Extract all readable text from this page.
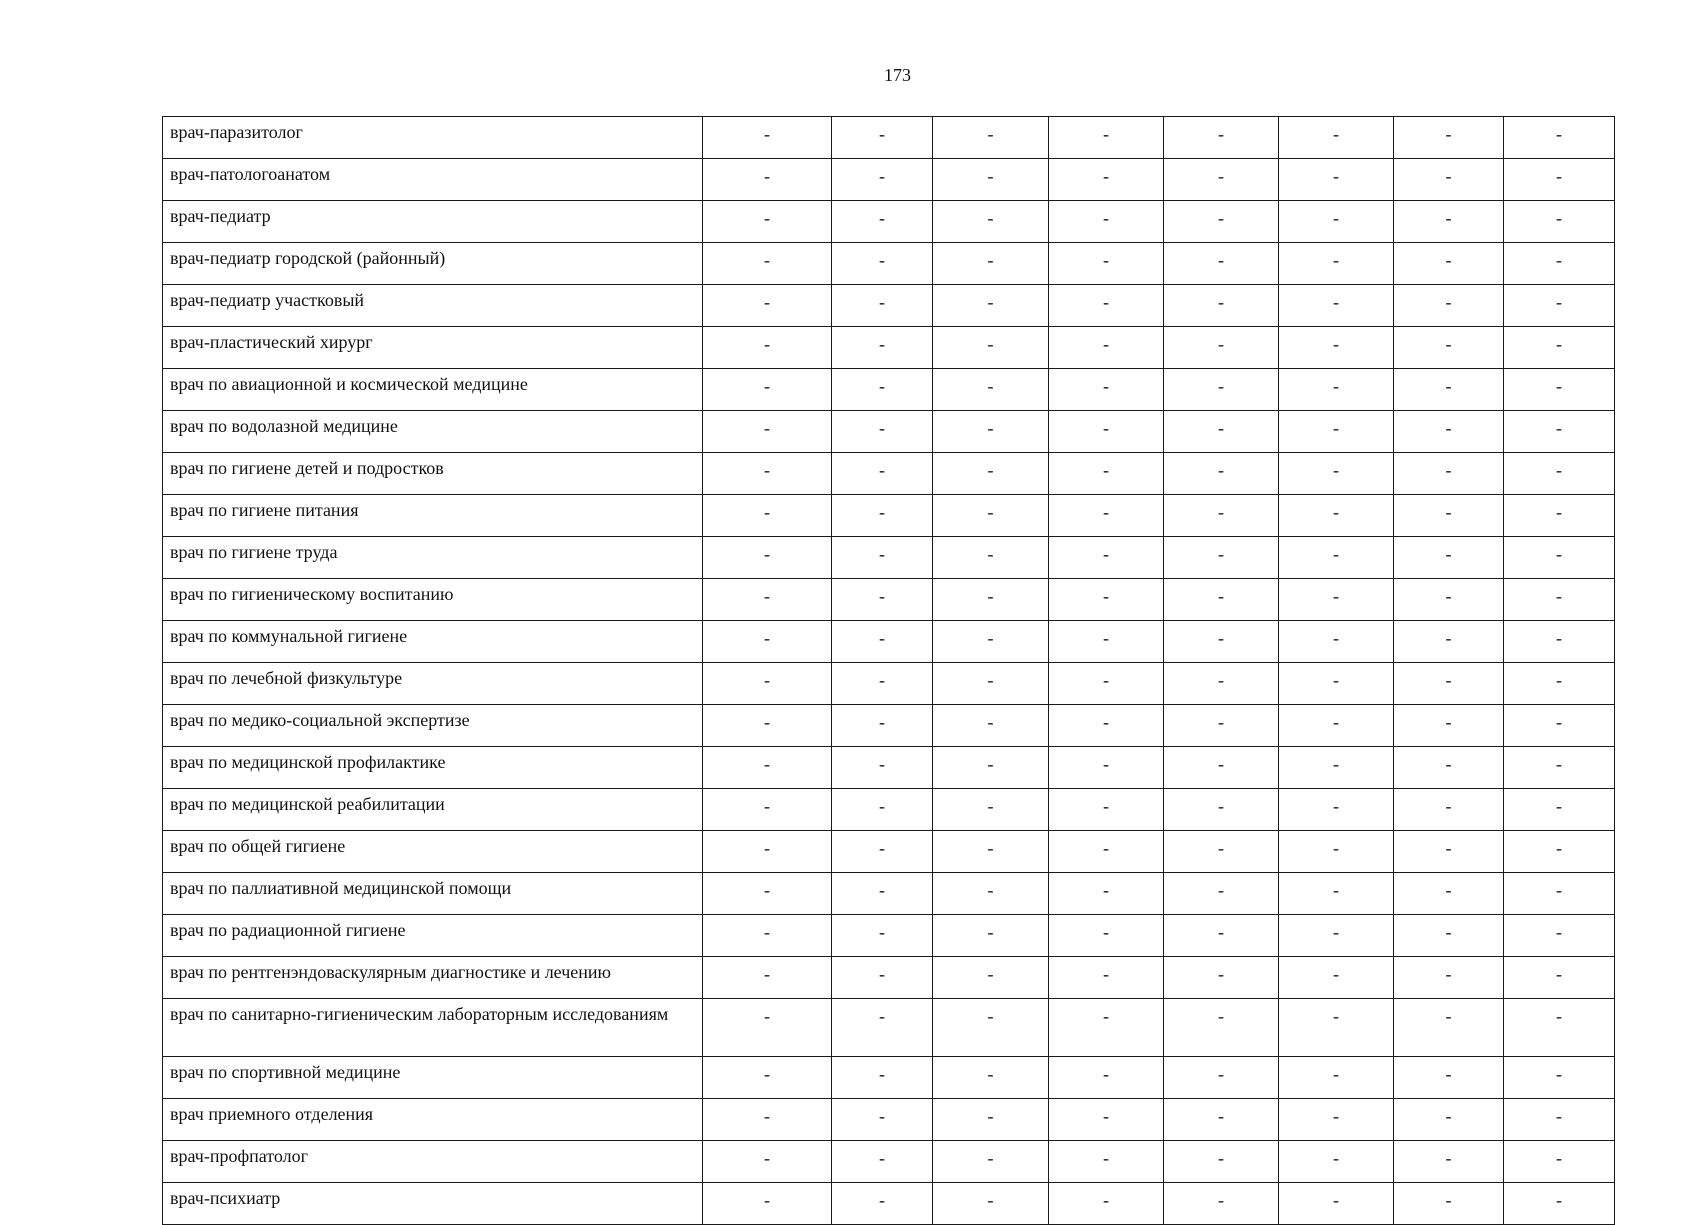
173
врач-паразитолог	-	-	-	-	-	-	-	-
врач-патологоанатом	-	-	-	-	-	-	-	-
врач-педиатр	-	-	-	-	-	-	-	-
врач-педиатр городской (районный)	-	-	-	-	-	-	-	-
врач-педиатр участковый	-	-	-	-	-	-	-	-
врач-пластический хирург	-	-	-	-	-	-	-	-
врач по авиационной и космической медицине	-	-	-	-	-	-	-	-
врач по водолазной медицине	-	-	-	-	-	-	-	-
врач по гигиене детей и подростков	-	-	-	-	-	-	-	-
врач по гигиене питания	-	-	-	-	-	-	-	-
врач по гигиене труда	-	-	-	-	-	-	-	-
врач по гигиеническому воспитанию	-	-	-	-	-	-	-	-
врач по коммунальной гигиене	-	-	-	-	-	-	-	-
врач по лечебной физкультуре	-	-	-	-	-	-	-	-
врач по медико-социальной экспертизе	-	-	-	-	-	-	-	-
врач по медицинской профилактике	-	-	-	-	-	-	-	-
врач по медицинской реабилитации	-	-	-	-	-	-	-	-
врач по общей гигиене	-	-	-	-	-	-	-	-
врач по паллиативной медицинской помощи	-	-	-	-	-	-	-	-
врач по радиационной гигиене	-	-	-	-	-	-	-	-
врач по рентгенэндоваскулярным диагностике и лечению	-	-	-	-	-	-	-	-
врач по санитарно-гигиеническим лабораторным исследованиям	-	-	-	-	-	-	-	-
врач по спортивной медицине	-	-	-	-	-	-	-	-
врач приемного отделения	-	-	-	-	-	-	-	-
врач-профпатолог	-	-	-	-	-	-	-	-
врач-психиатр	-	-	-	-	-	-	-	-
